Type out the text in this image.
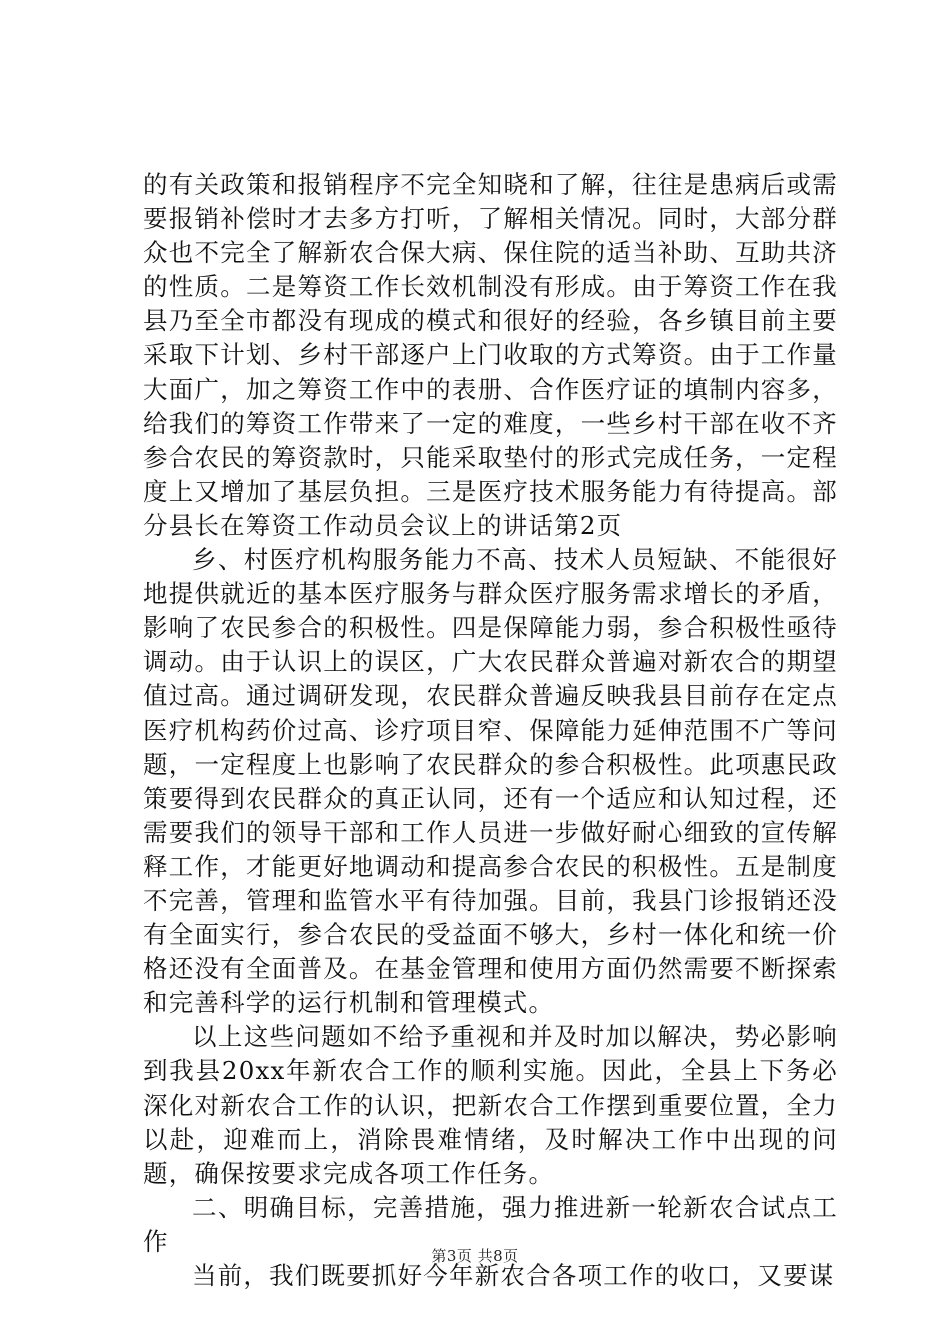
的有关政策和报销程序不完全知晓和了解，往往是患病后或需要报销补偿时才去多方打听，了解相关情况。同时，大部分群众也不完全了解新农合保大病、保住院的适当补助、互助共济的性质。二是筹资工作长效机制没有形成。由于筹资工作在我县乃至全市都没有现成的模式和很好的经验，各乡镇目前主要采取下计划、乡村干部逐户上门收取的方式筹资。由于工作量大面广，加之筹资工作中的表册、合作医疗证的填制内容多，给我们的筹资工作带来了一定的难度，一些乡村干部在收不齐参合农民的筹资款时，只能采取垫付的形式完成任务，一定程度上又增加了基层负担。三是医疗技术服务能力有待提高。部分县长在筹资工作动员会议上的讲话第2页

乡、村医疗机构服务能力不高、技术人员短缺、不能很好地提供就近的基本医疗服务与群众医疗服务需求增长的矛盾，影响了农民参合的积极性。四是保障能力弱，参合积极性亟待调动。由于认识上的误区，广大农民群众普遍对新农合的期望值过高。通过调研发现，农民群众普遍反映我县目前存在定点医疗机构药价过高、诊疗项目窄、保障能力延伸范围不广等问题，一定程度上也影响了农民群众的参合积极性。此项惠民政策要得到农民群众的真正认同，还有一个适应和认知过程，还需要我们的领导干部和工作人员进一步做好耐心细致的宣传解释工作，才能更好地调动和提高参合农民的积极性。五是制度不完善，管理和监管水平有待加强。目前，我县门诊报销还没有全面实行，参合农民的受益面不够大，乡村一体化和统一价格还没有全面普及。在基金管理和使用方面仍然需要不断探索和完善科学的运行机制和管理模式。

以上这些问题如不给予重视和并及时加以解决，势必影响到我县20xx年新农合工作的顺利实施。因此，全县上下务必深化对新农合工作的认识，把新农合工作摆到重要位置，全力以赴，迎难而上，消除畏难情绪，及时解决工作中出现的问题，确保按要求完成各项工作任务。

二、明确目标，完善措施，强力推进新一轮新农合试点工作

当前，我们既要抓好今年新农合各项工作的收口，又要谋

第3页 共8页
